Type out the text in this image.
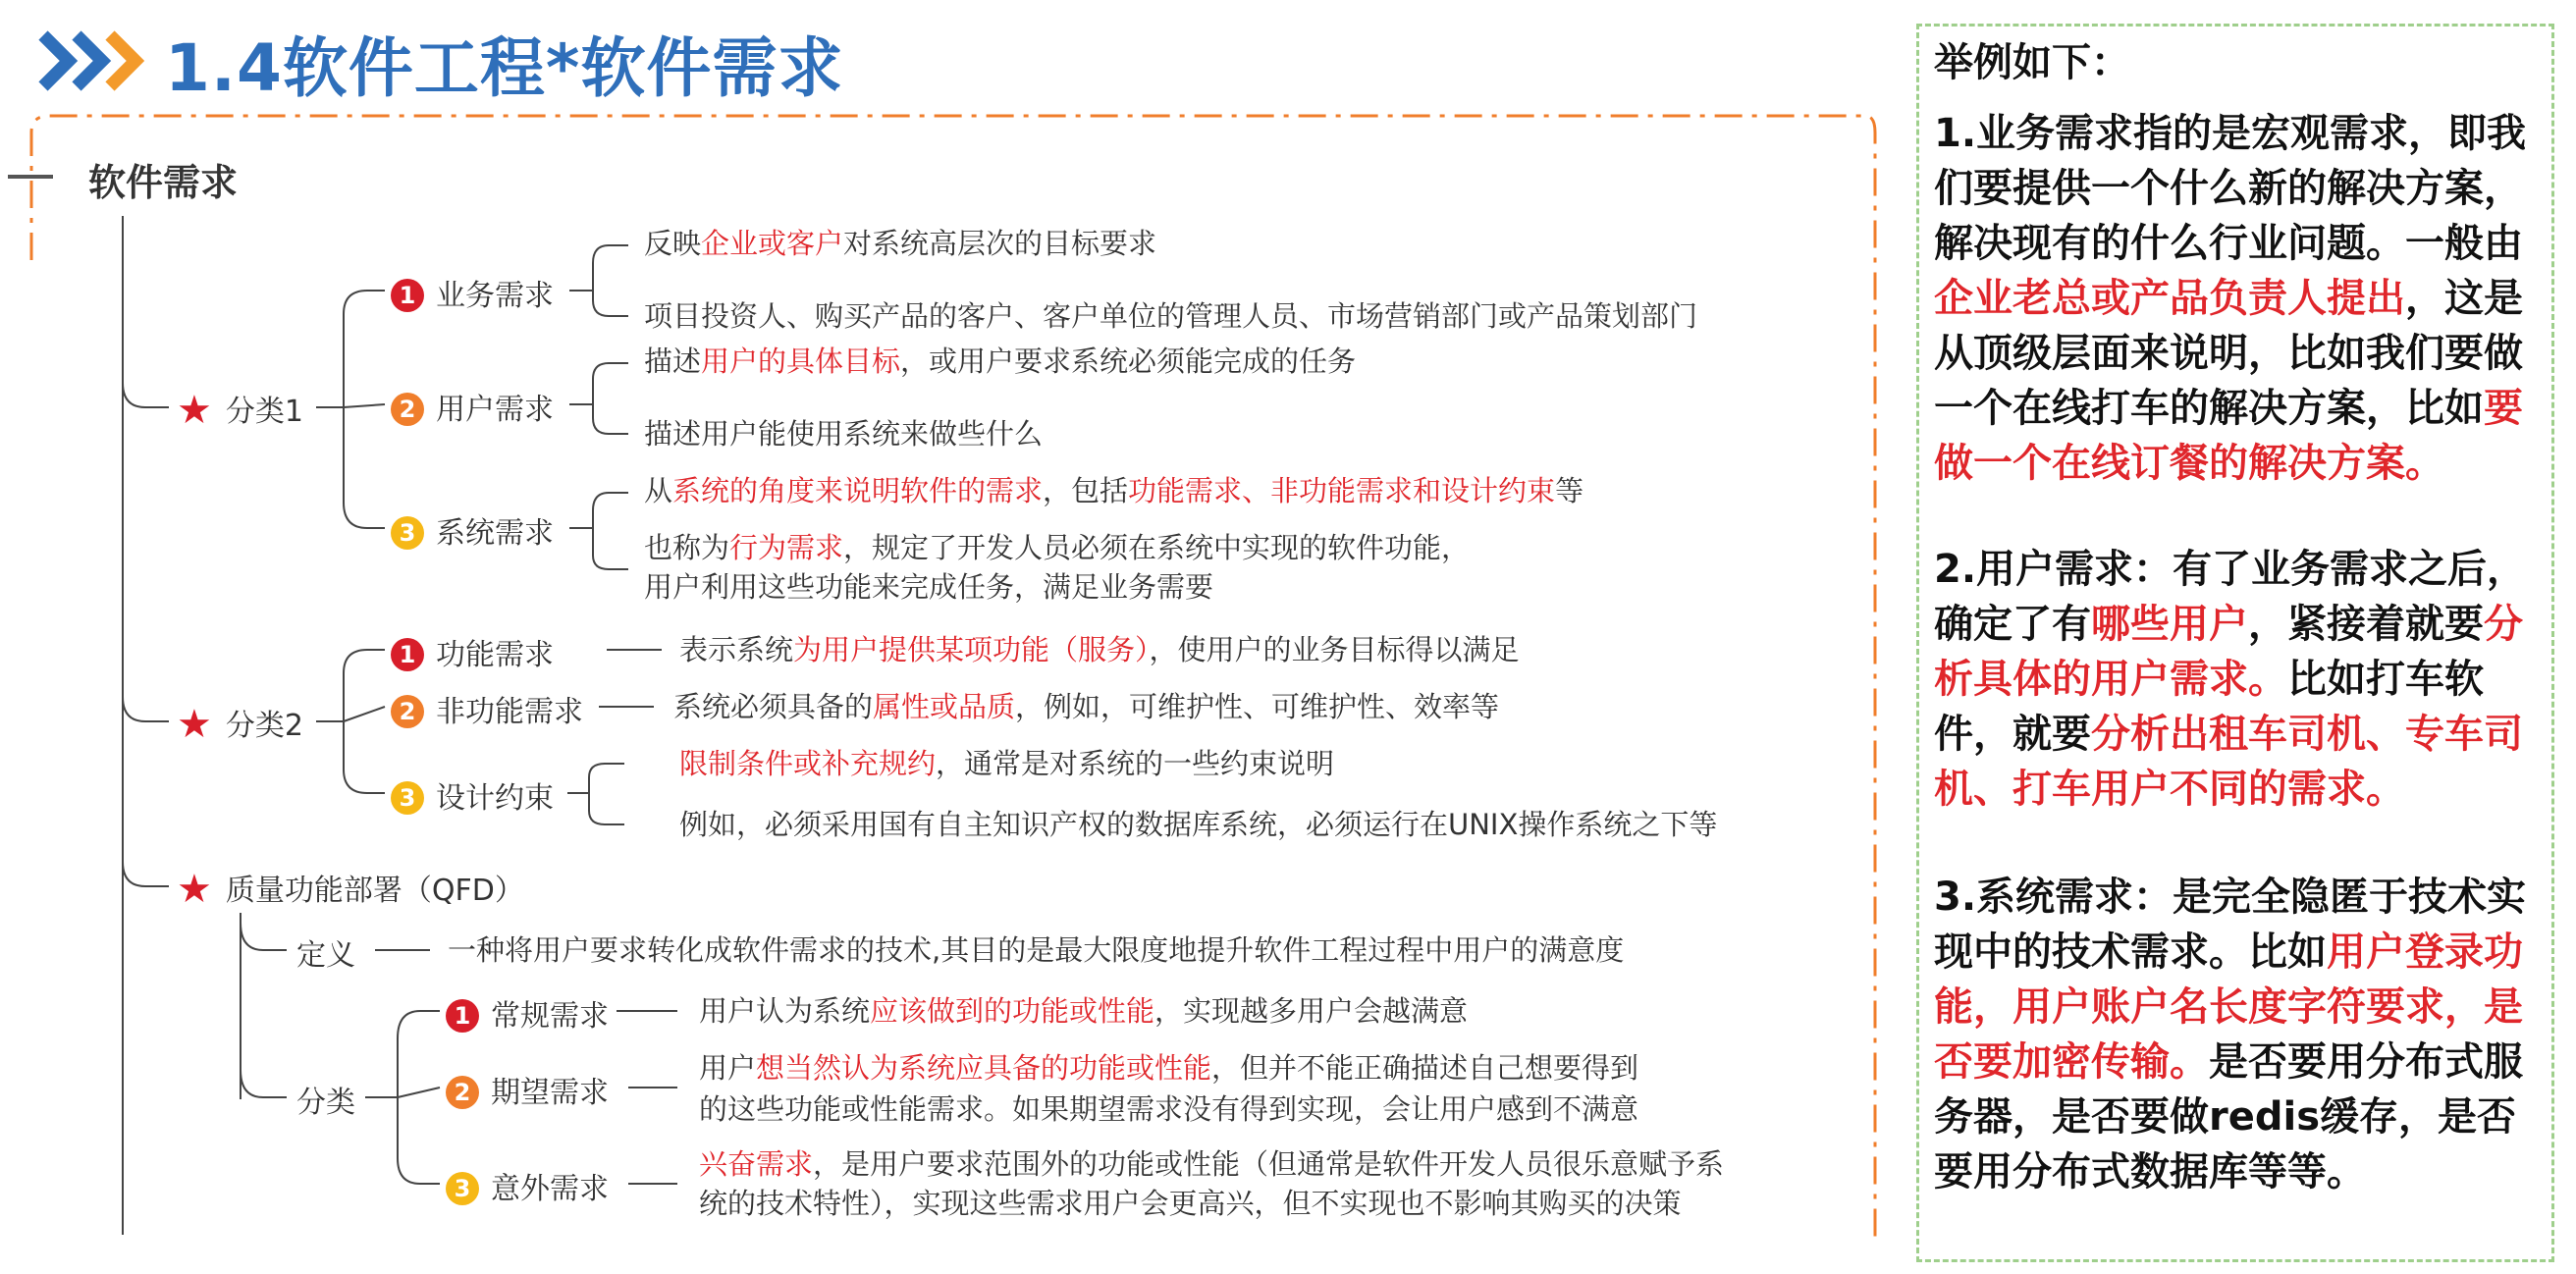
1.4软件工程*软件需求
软件需求
★ 分类1
1 业务需求
反映企业或客户对系统高层次的目标要求
项目投资人、购买产品的客户、客户单位的管理人员、市场营销部门或产品策划部门
2 用户需求
描述用户的具体目标，或用户要求系统必须能完成的任务
描述用户能使用系统来做些什么
3 系统需求
从系统的角度来说明软件的需求，包括功能需求、非功能需求和设计约束等
也称为行为需求，规定了开发人员必须在系统中实现的软件功能，
用户利用这些功能来完成任务，满足业务需要
★ 分类2
1 功能需求	表示系统为用户提供某项功能（服务），使用户的业务目标得以满足
2 非功能需求	系统必须具备的属性或品质，例如，可维护性、可维护性、效率等
3 设计约束
限制条件或补充规约，通常是对系统的一些约束说明
例如，必须采用国有自主知识产权的数据库系统，必须运行在UNIX操作系统之下等
★ 质量功能部署（QFD）
定义	一种将用户要求转化成软件需求的技术,其目的是最大限度地提升软件工程过程中用户的满意度
分类
1 常规需求	用户认为系统应该做到的功能或性能，实现越多用户会越满意
2 期望需求
用户想当然认为系统应具备的功能或性能，但并不能正确描述自己想要得到
的这些功能或性能需求。如果期望需求没有得到实现，会让用户感到不满意
3 意外需求
兴奋需求，是用户要求范围外的功能或性能（但通常是软件开发人员很乐意赋予系
统的技术特性），实现这些需求用户会更高兴，但不实现也不影响其购买的决策
举例如下：
1.业务需求指的是宏观需求，即我们要提供一个什么新的解决方案，解决现有的什么行业问题。一般由企业老总或产品负责人提出，这是从顶级层面来说明，比如我们要做一个在线打车的解决方案，比如要做一个在线订餐的解决方案。
2.用户需求：有了业务需求之后，确定了有哪些用户，紧接着就要分析具体的用户需求。比如打车软件，就要分析出租车司机、专车司机、打车用户不同的需求。
3.系统需求：是完全隐匿于技术实现中的技术需求。比如用户登录功能，用户账户名长度字符要求，是否要加密传输。是否要用分布式服务器，是否要做redis缓存，是否要用分布式数据库等等。
